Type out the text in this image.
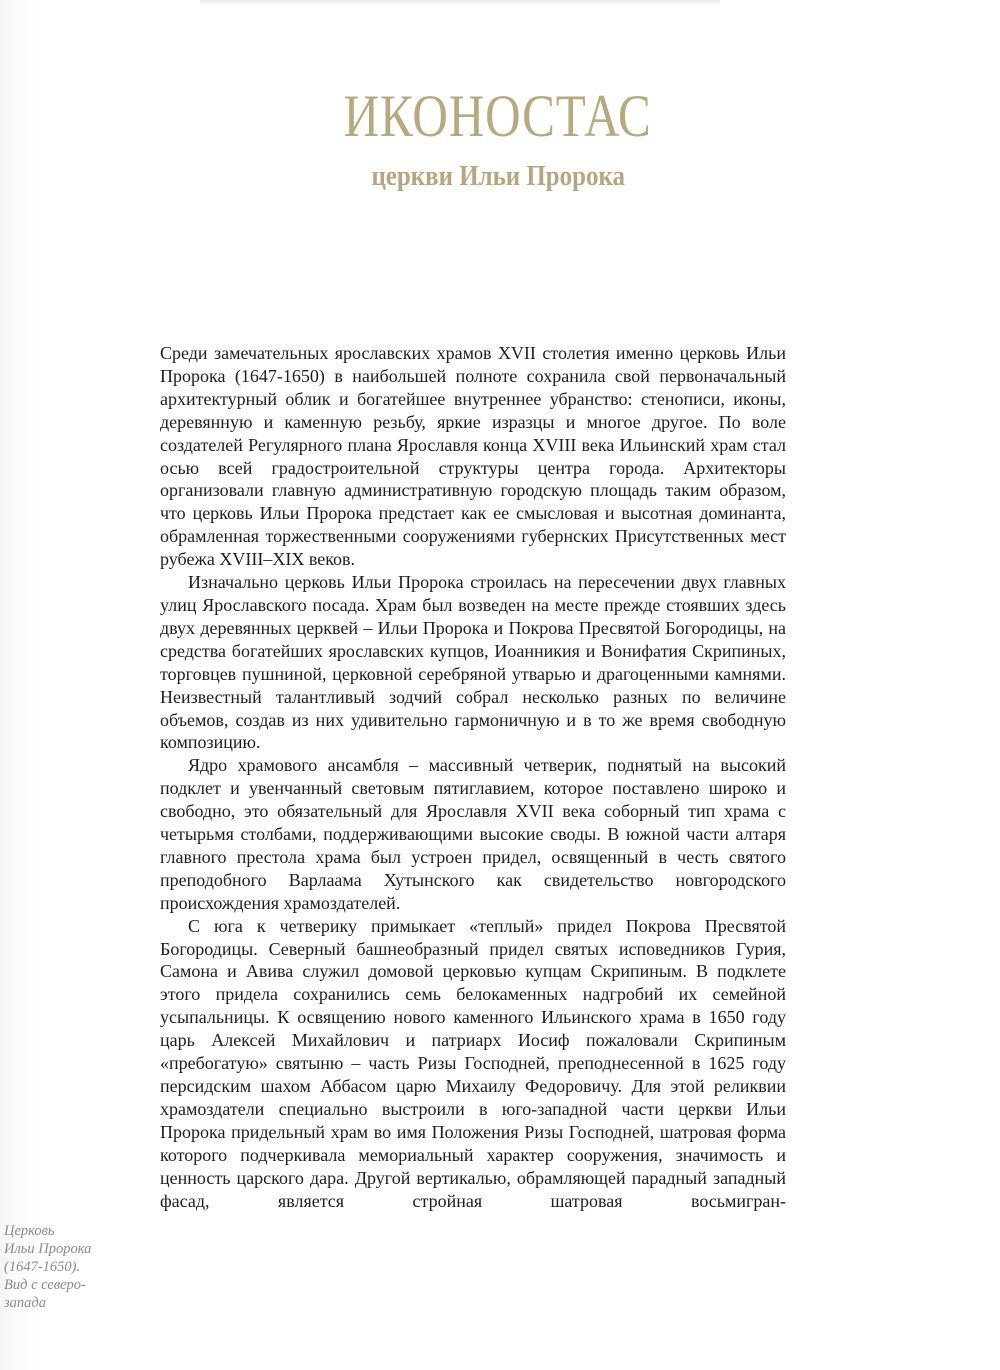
ИКОНОСТАС
церкви Ильи Пророка

Среди замечательных ярославских храмов XVII столетия именно церковь Ильи Пророка (1647-1650) в наибольшей полноте сохранила свой первоначальный архитектурный облик и богатейшее внутреннее убранство: стенописи, иконы, деревянную и каменную резьбу, яркие изразцы и многое другое. По воле создателей Регулярного плана Ярославля конца XVIII века Ильинский храм стал осью всей градостроительной структуры центра города. Архитекторы организовали главную административную городскую площадь таким образом, что церковь Ильи Пророка предстает как ее смысловая и высотная доминанта, обрамленная торжественными сооружениями губернских Присутственных мест рубежа XVIII–XIX веков.

Изначально церковь Ильи Пророка строилась на пересечении двух главных улиц Ярославского посада. Храм был возведен на месте прежде стоявших здесь двух деревянных церквей – Ильи Пророка и Покрова Пресвятой Богородицы, на средства богатейших ярославских купцов, Иоанникия и Вонифатия Скрипиных, торговцев пушниной, церковной серебряной утварью и драгоценными камнями. Неизвестный талантливый зодчий собрал несколько разных по величине объемов, создав из них удивительно гармоничную и в то же время свободную композицию.

Ядро храмового ансамбля – массивный четверик, поднятый на высокий подклет и увенчанный световым пятиглавием, которое поставлено широко и свободно, это обязательный для Ярославля XVII века соборный тип храма с четырьмя столбами, поддерживающими высокие своды. В южной части алтаря главного престола храма был устроен придел, освященный в честь святого преподобного Варлаама Хутынского как свидетельство новгородского происхождения храмоздателей.

С юга к четверику примыкает «теплый» придел Покрова Пресвятой Богородицы. Северный башнеобразный придел святых исповедников Гурия, Самона и Авива служил домовой церковью купцам Скрипиным. В подклете этого придела сохранились семь белокаменных надгробий их семейной усыпальницы. К освящению нового каменного Ильинского храма в 1650 году царь Алексей Михайлович и патриарх Иосиф пожаловали Скрипиным «пребогатую» святыню – часть Ризы Господней, преподнесенной в 1625 году персидским шахом Аббасом царю Михаилу Федоровичу. Для этой реликвии храмоздатели специально выстроили в юго-западной части церкви Ильи Пророка придельный храм во имя Положения Ризы Господней, шатровая форма которого подчеркивала мемориальный характер сооружения, значимость и ценность царского дара. Другой вертикалью, обрамляющей парадный западный фасад, является стройная шатровая восьмигран-

Церковь
Ильи Пророка
(1647-1650).
Вид с северо-
запада
